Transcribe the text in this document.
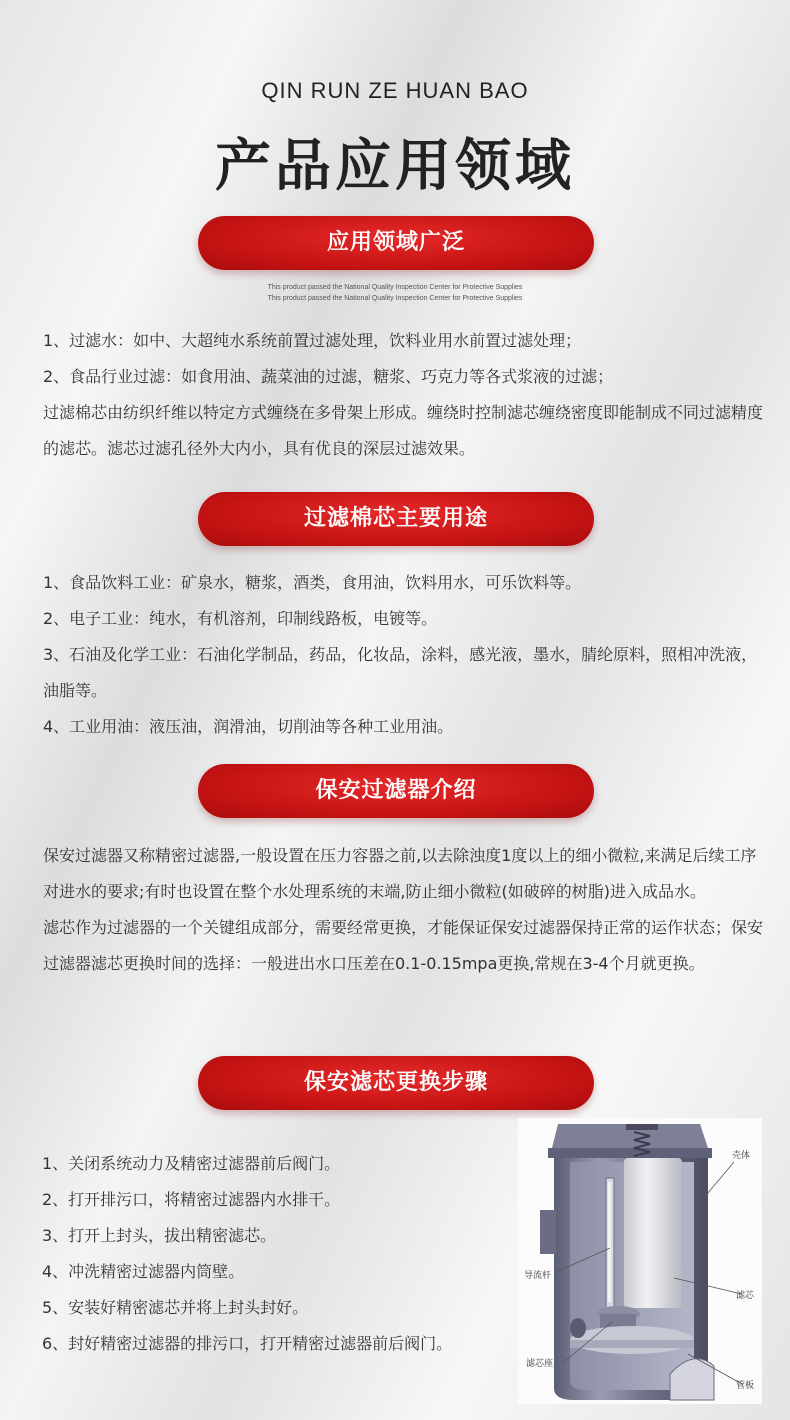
QIN RUN ZE HUAN BAO
产品应用领域
应用领域广泛
This product passed the National Quality Inspection Center for Protective Supplies
This product passed the National Quality Inspection Center for Protective Supplies

1、过滤水：如中、大超纯水系统前置过滤处理，饮料业用水前置过滤处理；

2、食品行业过滤：如食用油、蔬菜油的过滤，糖浆、巧克力等各式浆液的过滤；

过滤棉芯由纺织纤维以特定方式缠绕在多骨架上形成。缠绕时控制滤芯缠绕密度即能制成不同过滤精度的滤芯。滤芯过滤孔径外大内小，具有优良的深层过滤效果。

过滤棉芯主要用途

1、食品饮料工业：矿泉水，糖浆，酒类，食用油，饮料用水，可乐饮料等。

2、电子工业：纯水，有机溶剂，印制线路板，电镀等。

3、石油及化学工业：石油化学制品，药品，化妆品，涂料，感光液，墨水，腈纶原料，照相冲洗液，油脂等。

4、工业用油：液压油，润滑油，切削油等各种工业用油。

保安过滤器介绍

保安过滤器又称精密过滤器,一般设置在压力容器之前,以去除浊度1度以上的细小微粒,来满足后续工序对进水的要求;有时也设置在整个水处理系统的末端,防止细小微粒(如破碎的树脂)进入成品水。

滤芯作为过滤器的一个关键组成部分，需要经常更换，才能保证保安过滤器保持正常的运作状态；保安过滤器滤芯更换时间的选择：一般进出水口压差在0.1-0.15mpa更换,常规在3-4个月就更换。

保安滤芯更换步骤

1、关闭系统动力及精密过滤器前后阀门。

2、打开排污口，将精密过滤器内水排干。

3、打开上封头，拔出精密滤芯。

4、冲洗精密过滤器内筒壁。

5、安装好精密滤芯并将上封头封好。

6、封好精密过滤器的排污口，打开精密过滤器前后阀门。

壳体
导流杆
滤芯
滤芯座
管板
